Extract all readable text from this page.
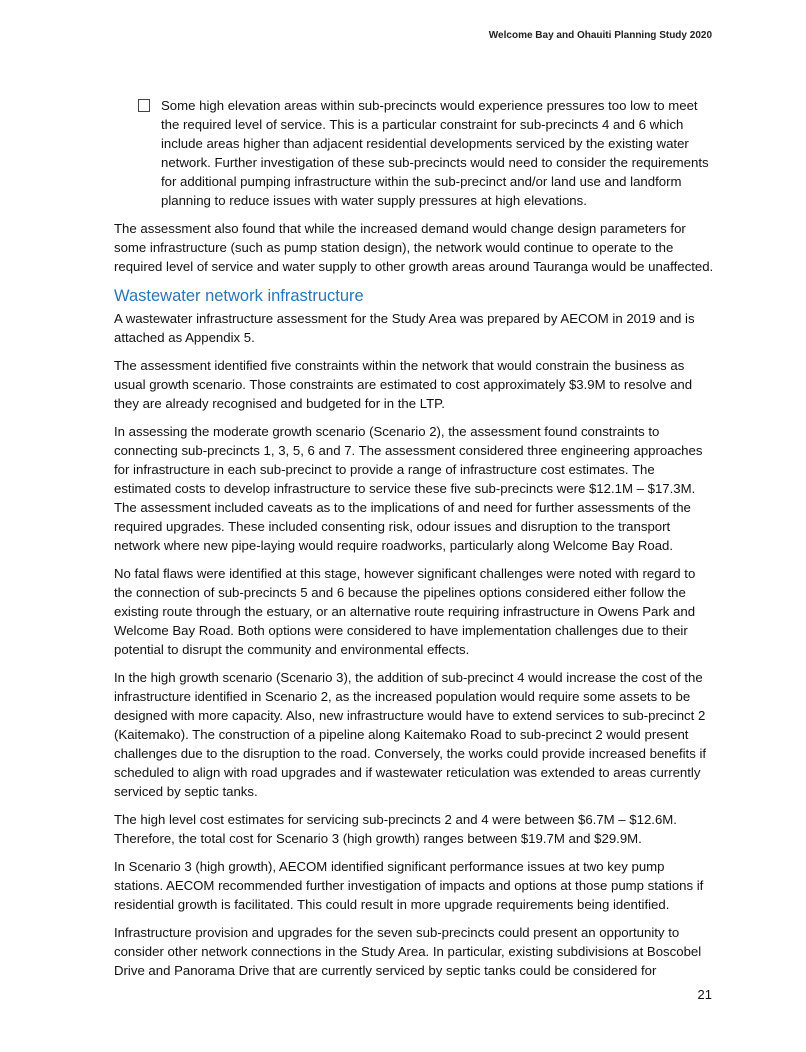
Welcome Bay and Ohauiti Planning Study 2020
Some high elevation areas within sub-precincts would experience pressures too low to meet the required level of service. This is a particular constraint for sub-precincts 4 and 6 which include areas higher than adjacent residential developments serviced by the existing water network. Further investigation of these sub-precincts would need to consider the requirements for additional pumping infrastructure within the sub-precinct and/or land use and landform planning to reduce issues with water supply pressures at high elevations.

The assessment also found that while the increased demand would change design parameters for some infrastructure (such as pump station design), the network would continue to operate to the required level of service and water supply to other growth areas around Tauranga would be unaffected.

Wastewater network infrastructure

A wastewater infrastructure assessment for the Study Area was prepared by AECOM in 2019 and is attached as Appendix 5.

The assessment identified five constraints within the network that would constrain the business as usual growth scenario. Those constraints are estimated to cost approximately $3.9M to resolve and they are already recognised and budgeted for in the LTP.

In assessing the moderate growth scenario (Scenario 2), the assessment found constraints to connecting sub-precincts 1, 3, 5, 6 and 7. The assessment considered three engineering approaches for infrastructure in each sub-precinct to provide a range of infrastructure cost estimates. The estimated costs to develop infrastructure to service these five sub-precincts were $12.1M – $17.3M. The assessment included caveats as to the implications of and need for further assessments of the required upgrades. These included consenting risk, odour issues and disruption to the transport network where new pipe-laying would require roadworks, particularly along Welcome Bay Road.

No fatal flaws were identified at this stage, however significant challenges were noted with regard to the connection of sub-precincts 5 and 6 because the pipelines options considered either follow the existing route through the estuary, or an alternative route requiring infrastructure in Owens Park and Welcome Bay Road. Both options were considered to have implementation challenges due to their potential to disrupt the community and environmental effects.

In the high growth scenario (Scenario 3), the addition of sub-precinct 4 would increase the cost of the infrastructure identified in Scenario 2, as the increased population would require some assets to be designed with more capacity. Also, new infrastructure would have to extend services to sub-precinct 2 (Kaitemako). The construction of a pipeline along Kaitemako Road to sub-precinct 2 would present challenges due to the disruption to the road. Conversely, the works could provide increased benefits if scheduled to align with road upgrades and if wastewater reticulation was extended to areas currently serviced by septic tanks.

The high level cost estimates for servicing sub-precincts 2 and 4 were between $6.7M – $12.6M. Therefore, the total cost for Scenario 3 (high growth) ranges between $19.7M and $29.9M.

In Scenario 3 (high growth), AECOM identified significant performance issues at two key pump stations. AECOM recommended further investigation of impacts and options at those pump stations if residential growth is facilitated. This could result in more upgrade requirements being identified.

Infrastructure provision and upgrades for the seven sub-precincts could present an opportunity to consider other network connections in the Study Area. In particular, existing subdivisions at Boscobel Drive and Panorama Drive that are currently serviced by septic tanks could be considered for

21
